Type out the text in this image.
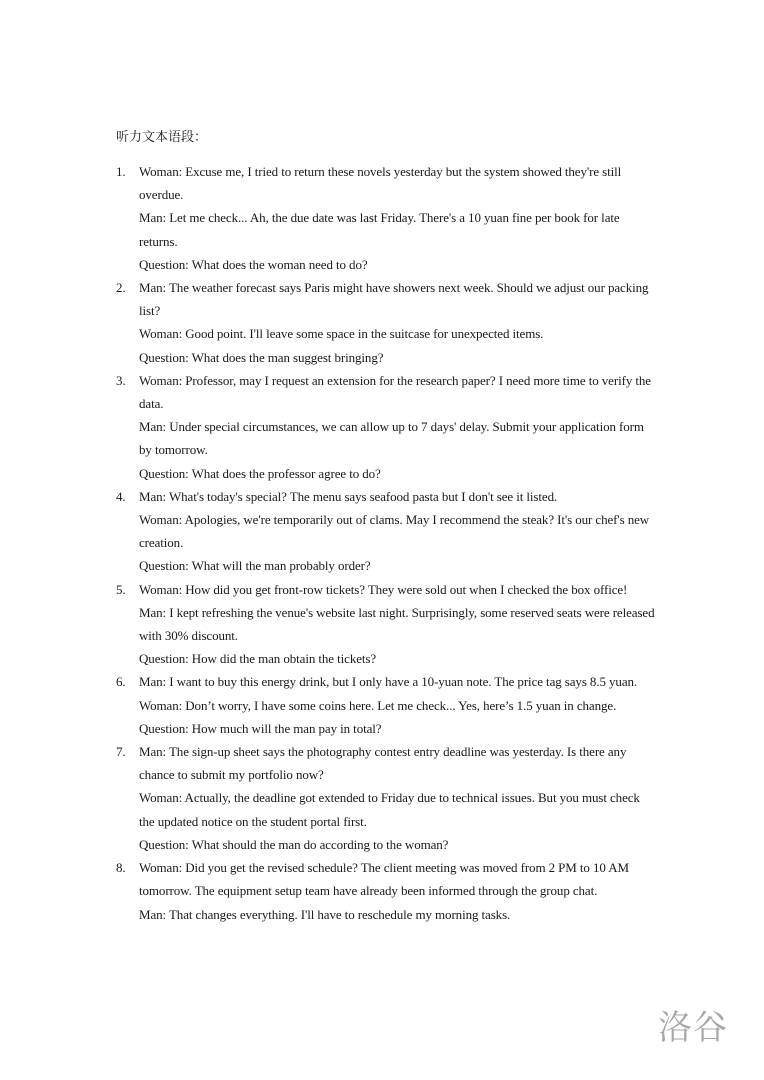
听力文本语段：
1. Woman: Excuse me, I tried to return these novels yesterday but the system showed they're still overdue.
Man: Let me check... Ah, the due date was last Friday. There's a 10 yuan fine per book for late returns.
Question: What does the woman need to do?
2. Man: The weather forecast says Paris might have showers next week. Should we adjust our packing list?
Woman: Good point. I'll leave some space in the suitcase for unexpected items.
Question: What does the man suggest bringing?
3. Woman: Professor, may I request an extension for the research paper? I need more time to verify the data.
Man: Under special circumstances, we can allow up to 7 days' delay. Submit your application form by tomorrow.
Question: What does the professor agree to do?
4. Man: What's today's special? The menu says seafood pasta but I don't see it listed.
Woman: Apologies, we're temporarily out of clams. May I recommend the steak? It's our chef's new creation.
Question: What will the man probably order?
5. Woman: How did you get front-row tickets? They were sold out when I checked the box office!
Man: I kept refreshing the venue's website last night. Surprisingly, some reserved seats were released with 30% discount.
Question: How did the man obtain the tickets?
6. Man: I want to buy this energy drink, but I only have a 10-yuan note. The price tag says 8.5 yuan.
Woman: Don’t worry, I have some coins here. Let me check... Yes, here’s 1.5 yuan in change.
Question: How much will the man pay in total?
7. Man: The sign-up sheet says the photography contest entry deadline was yesterday. Is there any chance to submit my portfolio now?
Woman: Actually, the deadline got extended to Friday due to technical issues. But you must check the updated notice on the student portal first.
Question: What should the man do according to the woman?
8. Woman: Did you get the revised schedule? The client meeting was moved from 2 PM to 10 AM tomorrow. The equipment setup team have already been informed through the group chat.
Man: That changes everything. I'll have to reschedule my morning tasks.
洛谷
